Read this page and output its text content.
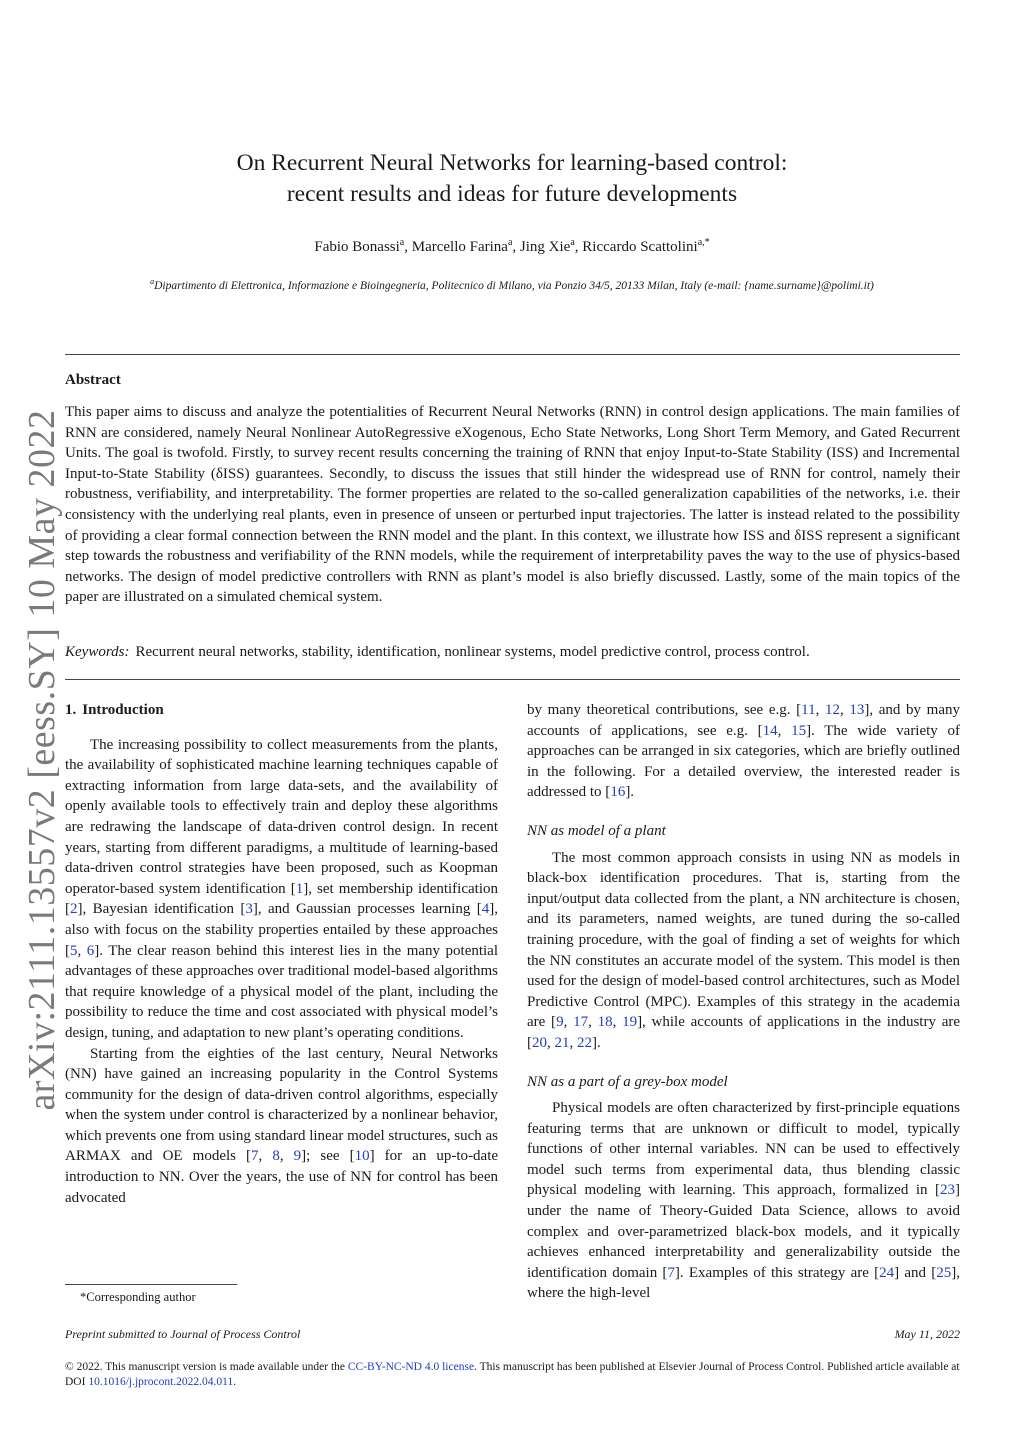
arXiv:2111.13557v2 [eess.SY] 10 May 2022
On Recurrent Neural Networks for learning-based control:
recent results and ideas for future developments
Fabio Bonassi$^a$, Marcello Farina$^a$, Jing Xie$^a$, Riccardo Scattolini$^{a,*}$
$^a$Dipartimento di Elettronica, Informazione e Bioingegneria, Politecnico di Milano, via Ponzio 34/5, 20133 Milan, Italy (e-mail: {name.surname}@polimi.it)
Abstract
This paper aims to discuss and analyze the potentialities of Recurrent Neural Networks (RNN) in control design applications. The main families of RNN are considered, namely Neural Nonlinear AutoRegressive eXogenous, Echo State Networks, Long Short Term Memory, and Gated Recurrent Units. The goal is twofold. Firstly, to survey recent results concerning the training of RNN that enjoy Input-to-State Stability (ISS) and Incremental Input-to-State Stability (δISS) guarantees. Secondly, to discuss the issues that still hinder the widespread use of RNN for control, namely their robustness, verifiability, and interpretability. The former properties are related to the so-called generalization capabilities of the networks, i.e. their consistency with the underlying real plants, even in presence of unseen or perturbed input trajectories. The latter is instead related to the possibility of providing a clear formal connection between the RNN model and the plant. In this context, we illustrate how ISS and δISS represent a significant step towards the robustness and verifiability of the RNN models, while the requirement of interpretability paves the way to the use of physics-based networks. The design of model predictive controllers with RNN as plant’s model is also briefly discussed. Lastly, some of the main topics of the paper are illustrated on a simulated chemical system.
Keywords: Recurrent neural networks, stability, identification, nonlinear systems, model predictive control, process control.
1. Introduction

The increasing possibility to collect measurements from the plants, the availability of sophisticated machine learning techniques capable of extracting information from large data-sets, and the availability of openly available tools to effectively train and deploy these algorithms are redrawing the landscape of data-driven control design. In recent years, starting from different paradigms, a multitude of learning-based data-driven control strategies have been proposed, such as Koopman operator-based system identification [1], set membership identification [2], Bayesian identification [3], and Gaussian processes learning [4], also with focus on the stability properties entailed by these approaches [5, 6]. The clear reason behind this interest lies in the many potential advantages of these approaches over traditional model-based algorithms that require knowledge of a physical model of the plant, including the possibility to reduce the time and cost associated with physical model’s design, tuning, and adaptation to new plant’s operating conditions.

Starting from the eighties of the last century, Neural Networks (NN) have gained an increasing popularity in the Control Systems community for the design of data-driven control algorithms, especially when the system under control is characterized by a nonlinear behavior, which prevents one from using standard linear model structures, such as ARMAX and OE models [7, 8, 9]; see [10] for an up-to-date introduction to NN. Over the years, the use of NN for control has been advocated

by many theoretical contributions, see e.g. [11, 12, 13], and by many accounts of applications, see e.g. [14, 15]. The wide variety of approaches can be arranged in six categories, which are briefly outlined in the following. For a detailed overview, the interested reader is addressed to [16].

NN as model of a plant

The most common approach consists in using NN as models in black-box identification procedures. That is, starting from the input/output data collected from the plant, a NN architecture is chosen, and its parameters, named weights, are tuned during the so-called training procedure, with the goal of finding a set of weights for which the NN constitutes an accurate model of the system. This model is then used for the design of model-based control architectures, such as Model Predictive Control (MPC). Examples of this strategy in the academia are [9, 17, 18, 19], while accounts of applications in the industry are [20, 21, 22].

NN as a part of a grey-box model

Physical models are often characterized by first-principle equations featuring terms that are unknown or difficult to model, typically functions of other internal variables. NN can be used to effectively model such terms from experimental data, thus blending classic physical modeling with learning. This approach, formalized in [23] under the name of Theory-Guided Data Science, allows to avoid complex and over-parametrized black-box models, and it typically achieves enhanced interpretability and generalizability outside the identification domain [7]. Examples of this strategy are [24] and [25], where the high-level

*Corresponding author
Preprint submitted to Journal of Process Control	May 11, 2022
© 2022. This manuscript version is made available under the CC-BY-NC-ND 4.0 license. This manuscript has been published at Elsevier Journal of Process Control. Published article available at DOI 10.1016/j.jprocont.2022.04.011.
